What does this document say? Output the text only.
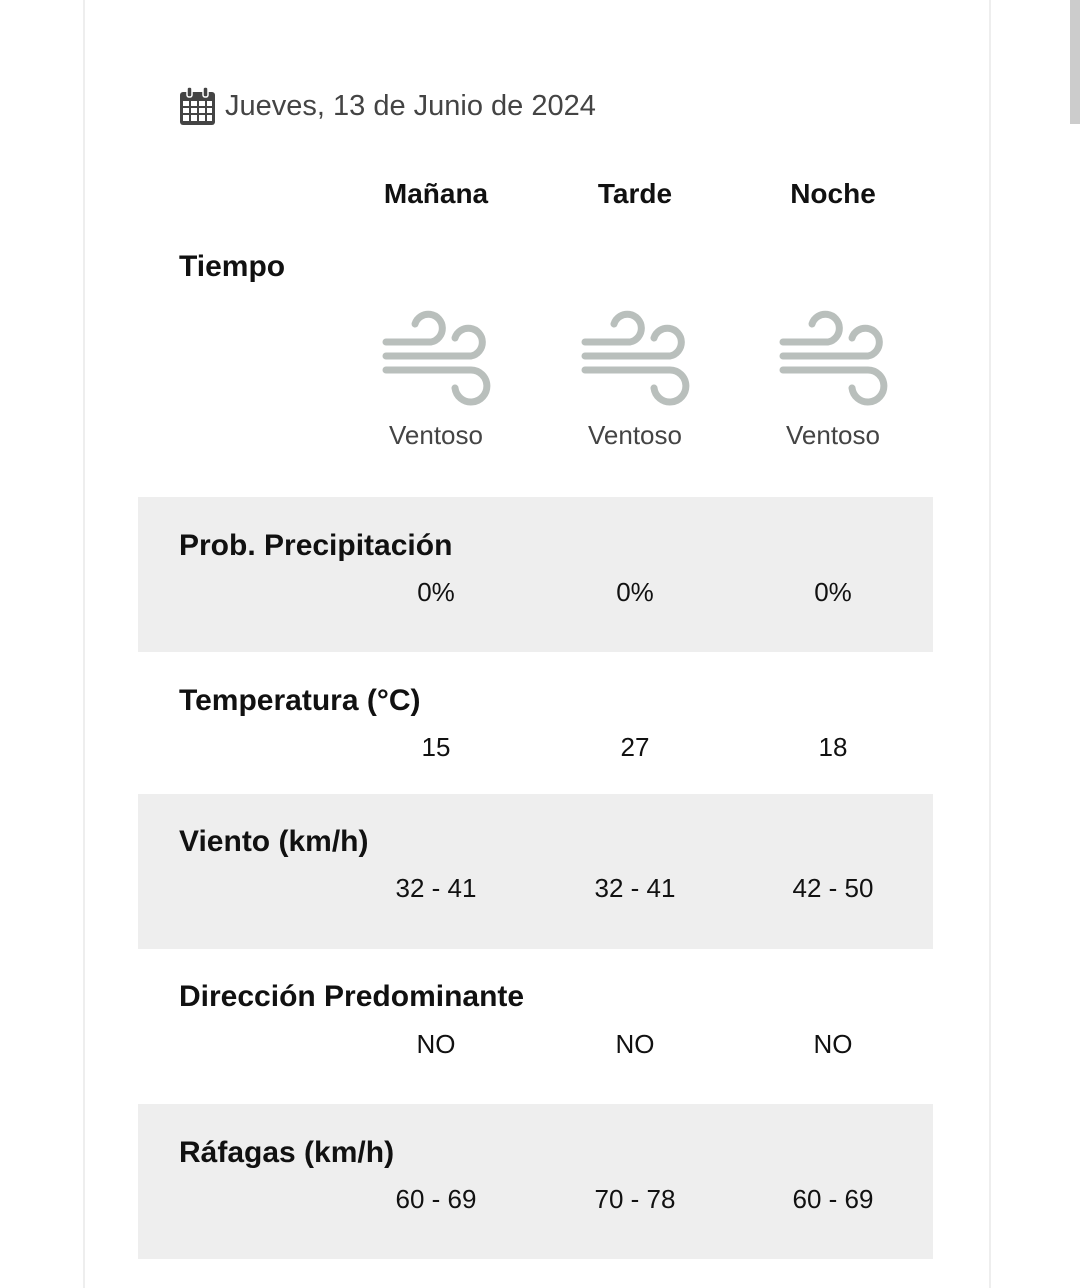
Jueves, 13 de Junio de 2024
Mañana	Tarde	Noche
Tiempo
Ventoso	Ventoso	Ventoso
Prob. Precipitación
0%	0%	0%
Temperatura (°C)
15	27	18
Viento (km/h)
32 - 41	32 - 41	42 - 50
Dirección Predominante
NO	NO	NO
Ráfagas (km/h)
60 - 69	70 - 78	60 - 69
